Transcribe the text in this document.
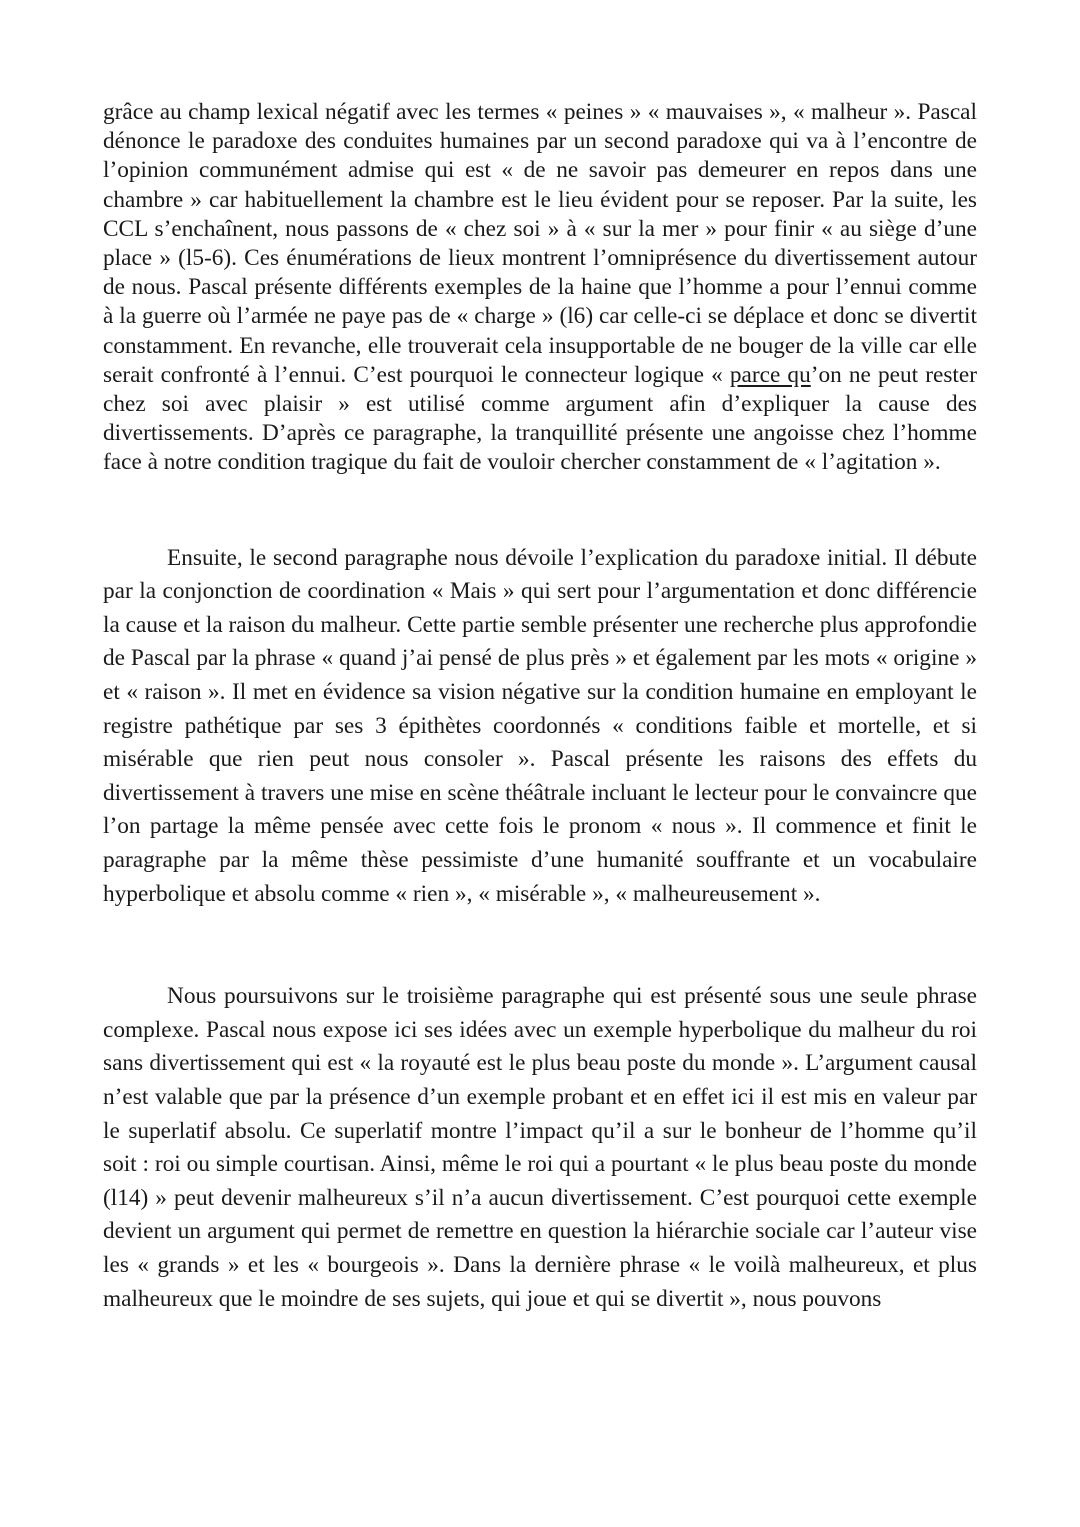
grâce au champ lexical négatif avec les termes « peines » « mauvaises », « malheur ». Pascal dénonce le paradoxe des conduites humaines par un second paradoxe qui va à l’encontre de l’opinion communément admise qui est « de ne savoir pas demeurer en repos dans une chambre » car habituellement la chambre est le lieu évident pour se reposer. Par la suite, les CCL s’enchaînent, nous passons de « chez soi » à « sur la mer » pour finir « au siège d’une place » (l5-6). Ces énumérations de lieux montrent l’omniprésence du divertissement autour de nous. Pascal présente différents exemples de la haine que l’homme a pour l’ennui comme à la guerre où l’armée ne paye pas de « charge » (l6) car celle-ci se déplace et donc se divertit constamment. En revanche, elle trouverait cela insupportable de ne bouger de la ville car elle serait confronté à l’ennui. C’est pourquoi le connecteur logique « parce qu’on ne peut rester chez soi avec plaisir » est utilisé comme argument afin d’expliquer la cause des divertissements. D’après ce paragraphe, la tranquillité présente une angoisse chez l’homme face à notre condition tragique du fait de vouloir chercher constamment de « l’agitation ».

Ensuite, le second paragraphe nous dévoile l’explication du paradoxe initial. Il débute par la conjonction de coordination « Mais » qui sert pour l’argumentation et donc différencie la cause et la raison du malheur. Cette partie semble présenter une recherche plus approfondie de Pascal par la phrase « quand j’ai pensé de plus près » et également par les mots « origine » et « raison ». Il met en évidence sa vision négative sur la condition humaine en employant le registre pathétique par ses 3 épithètes coordonnés « conditions faible et mortelle, et si misérable que rien peut nous consoler ». Pascal présente les raisons des effets du divertissement à travers une mise en scène théâtrale incluant le lecteur pour le convaincre que l’on partage la même pensée avec cette fois le pronom « nous ». Il commence et finit le paragraphe par la même thèse pessimiste d’une humanité souffrante et un vocabulaire hyperbolique et absolu comme « rien », « misérable », « malheureusement ».

Nous poursuivons sur le troisième paragraphe qui est présenté sous une seule phrase complexe. Pascal nous expose ici ses idées avec un exemple hyperbolique du malheur du roi sans divertissement qui est « la royauté est le plus beau poste du monde ». L’argument causal n’est valable que par la présence d’un exemple probant et en effet ici il est mis en valeur par le superlatif absolu. Ce superlatif montre l’impact qu’il a sur le bonheur de l’homme qu’il soit : roi ou simple courtisan. Ainsi, même le roi qui a pourtant « le plus beau poste du monde (l14) » peut devenir malheureux s’il n’a aucun divertissement. C’est pourquoi cette exemple devient un argument qui permet de remettre en question la hiérarchie sociale car l’auteur vise les « grands » et les « bourgeois ». Dans la dernière phrase « le voilà malheureux, et plus malheureux que le moindre de ses sujets, qui joue et qui se divertit », nous pouvons
